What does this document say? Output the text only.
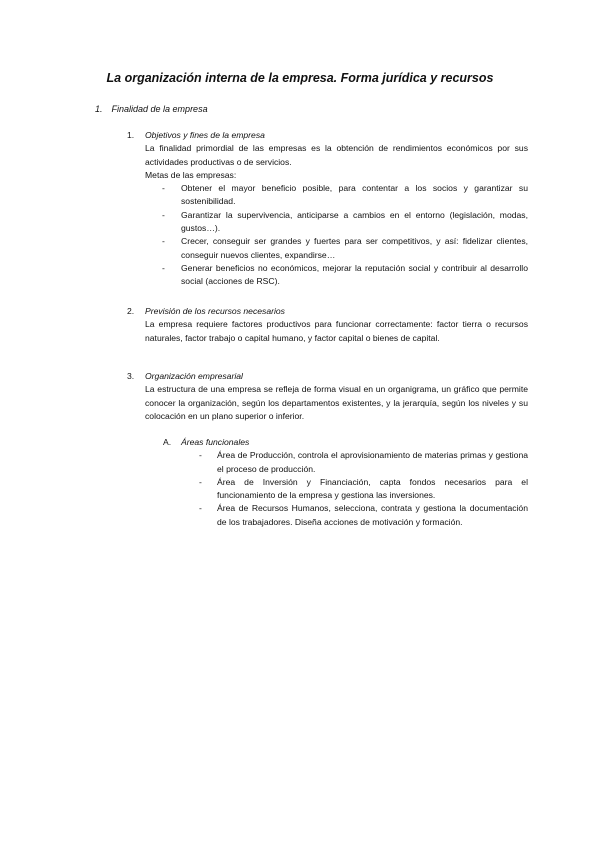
La organización interna de la empresa. Forma jurídica y recursos
1. Finalidad de la empresa
1. Objetivos y fines de la empresa
La finalidad primordial de las empresas es la obtención de rendimientos económicos por sus actividades productivas o de servicios.
Metas de las empresas:
- Obtener el mayor beneficio posible, para contentar a los socios y garantizar su sostenibilidad.
- Garantizar la supervivencia, anticiparse a cambios en el entorno (legislación, modas, gustos…).
- Crecer, conseguir ser grandes y fuertes para ser competitivos, y así: fidelizar clientes, conseguir nuevos clientes, expandirse…
- Generar beneficios no económicos, mejorar la reputación social y contribuir al desarrollo social (acciones de RSC).
2. Previsión de los recursos necesarios
La empresa requiere factores productivos para funcionar correctamente: factor tierra o recursos naturales, factor trabajo o capital humano, y factor capital o bienes de capital.
3. Organización empresarial
La estructura de una empresa se refleja de forma visual en un organigrama, un gráfico que permite conocer la organización, según los departamentos existentes, y la jerarquía, según los niveles y su colocación en un plano superior o inferior.
A. Áreas funcionales
- Área de Producción, controla el aprovisionamiento de materias primas y gestiona el proceso de producción.
- Área de Inversión y Financiación, capta fondos necesarios para el funcionamiento de la empresa y gestiona las inversiones.
- Área de Recursos Humanos, selecciona, contrata y gestiona la documentación de los trabajadores. Diseña acciones de motivación y formación.
